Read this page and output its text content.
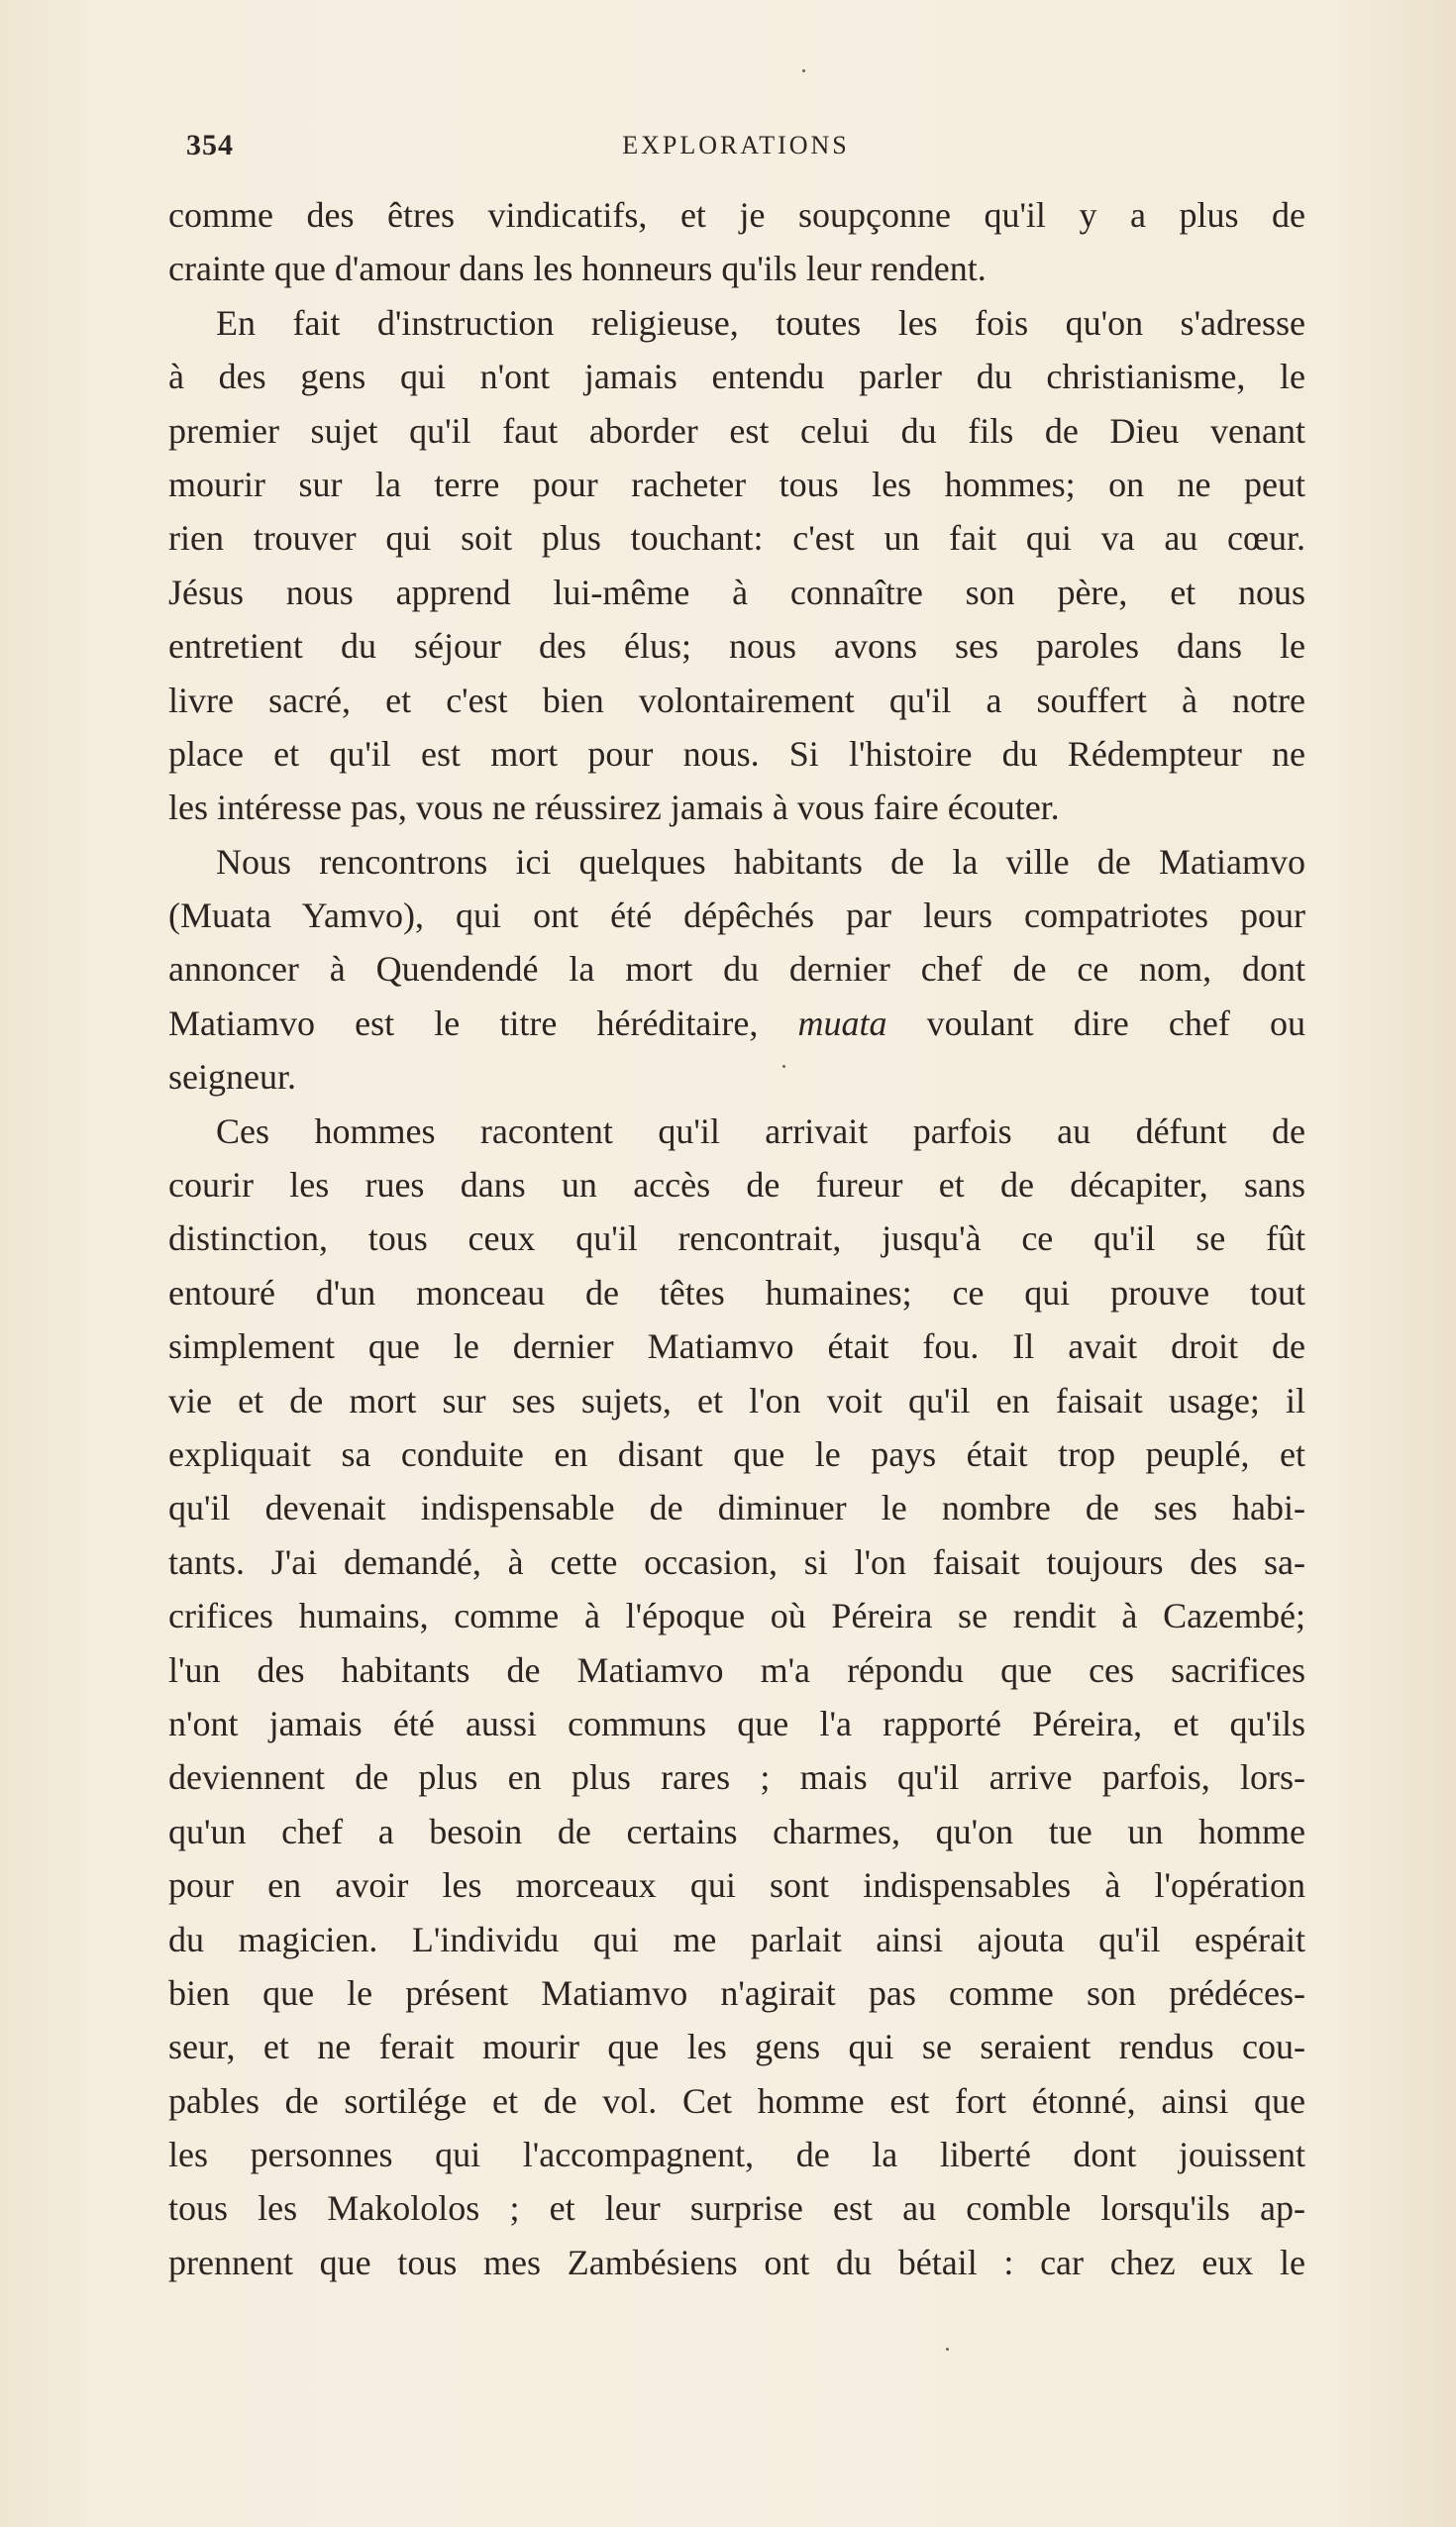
354	EXPLORATIONS
comme des êtres vindicatifs, et je soupçonne qu'il y a plus de
crainte que d'amour dans les honneurs qu'ils leur rendent.
En fait d'instruction religieuse, toutes les fois qu'on s'adresse
à des gens qui n'ont jamais entendu parler du christianisme, le
premier sujet qu'il faut aborder est celui du fils de Dieu venant
mourir sur la terre pour racheter tous les hommes; on ne peut
rien trouver qui soit plus touchant: c'est un fait qui va au cœur.
Jésus nous apprend lui-même à connaître son père, et nous
entretient du séjour des élus; nous avons ses paroles dans le
livre sacré, et c'est bien volontairement qu'il a souffert à notre
place et qu'il est mort pour nous. Si l'histoire du Rédempteur ne
les intéresse pas, vous ne réussirez jamais à vous faire écouter.
Nous rencontrons ici quelques habitants de la ville de Matiamvo
(Muata Yamvo), qui ont été dépêchés par leurs compatriotes pour
annoncer à Quendendé la mort du dernier chef de ce nom, dont
Matiamvo est le titre héréditaire, muata voulant dire chef ou
seigneur.
Ces hommes racontent qu'il arrivait parfois au défunt de
courir les rues dans un accès de fureur et de décapiter, sans
distinction, tous ceux qu'il rencontrait, jusqu'à ce qu'il se fût
entouré d'un monceau de têtes humaines; ce qui prouve tout
simplement que le dernier Matiamvo était fou. Il avait droit de
vie et de mort sur ses sujets, et l'on voit qu'il en faisait usage; il
expliquait sa conduite en disant que le pays était trop peuplé, et
qu'il devenait indispensable de diminuer le nombre de ses habi-
tants. J'ai demandé, à cette occasion, si l'on faisait toujours des sa-
crifices humains, comme à l'époque où Péreira se rendit à Cazembé;
l'un des habitants de Matiamvo m'a répondu que ces sacrifices
n'ont jamais été aussi communs que l'a rapporté Péreira, et qu'ils
deviennent de plus en plus rares ; mais qu'il arrive parfois, lors-
qu'un chef a besoin de certains charmes, qu'on tue un homme
pour en avoir les morceaux qui sont indispensables à l'opération
du magicien. L'individu qui me parlait ainsi ajouta qu'il espérait
bien que le présent Matiamvo n'agirait pas comme son prédéces-
seur, et ne ferait mourir que les gens qui se seraient rendus cou-
pables de sortilége et de vol. Cet homme est fort étonné, ainsi que
les personnes qui l'accompagnent, de la liberté dont jouissent
tous les Makololos ; et leur surprise est au comble lorsqu'ils ap-
prennent que tous mes Zambésiens ont du bétail : car chez eux le
